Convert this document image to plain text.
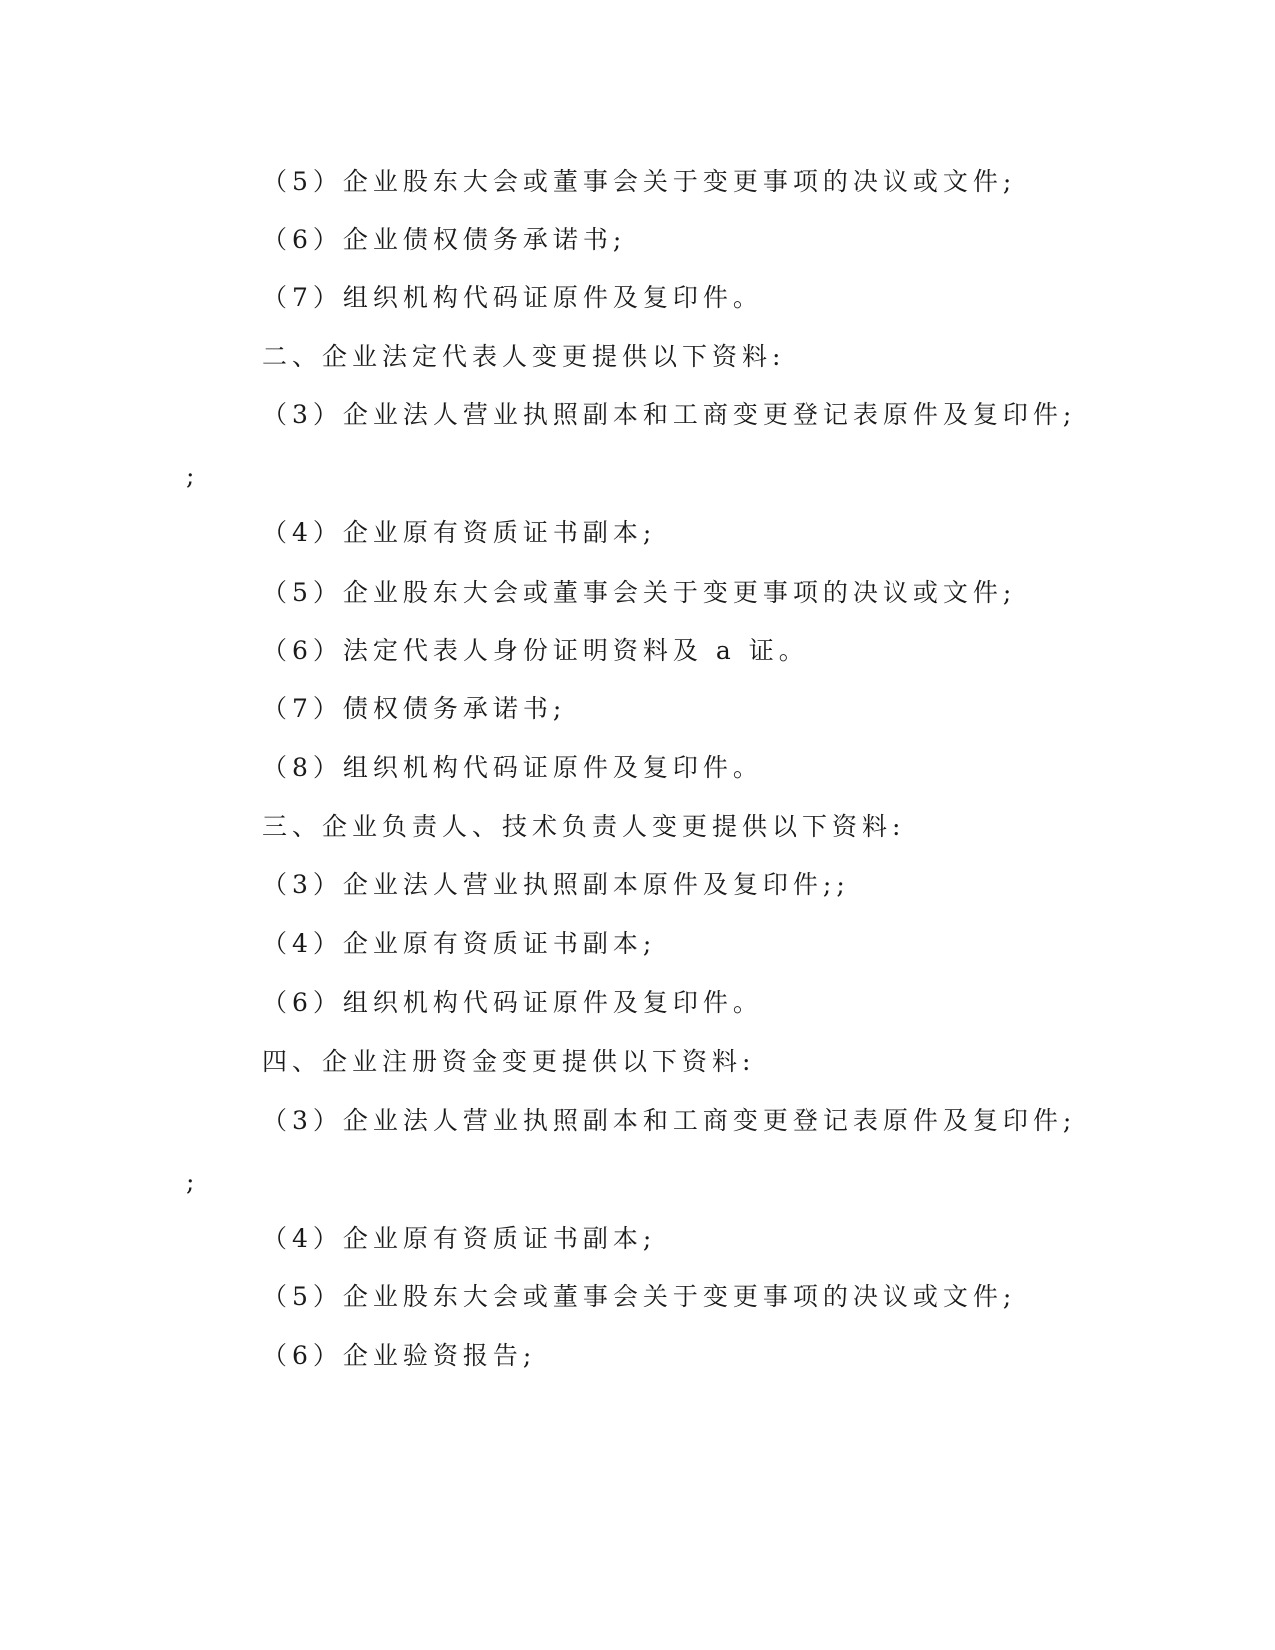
（5）企业股东大会或董事会关于变更事项的决议或文件;
（6）企业债权债务承诺书;
（7）组织机构代码证原件及复印件。
二、企业法定代表人变更提供以下资料:
（3）企业法人营业执照副本和工商变更登记表原件及复印件;
;
（4）企业原有资质证书副本;
（5）企业股东大会或董事会关于变更事项的决议或文件;
（6）法定代表人身份证明资料及 a 证。
（7）债权债务承诺书;
（8）组织机构代码证原件及复印件。
三、企业负责人、技术负责人变更提供以下资料:
（3）企业法人营业执照副本原件及复印件;;
（4）企业原有资质证书副本;
（6）组织机构代码证原件及复印件。
四、企业注册资金变更提供以下资料:
（3）企业法人营业执照副本和工商变更登记表原件及复印件;
;
（4）企业原有资质证书副本;
（5）企业股东大会或董事会关于变更事项的决议或文件;
（6）企业验资报告;
